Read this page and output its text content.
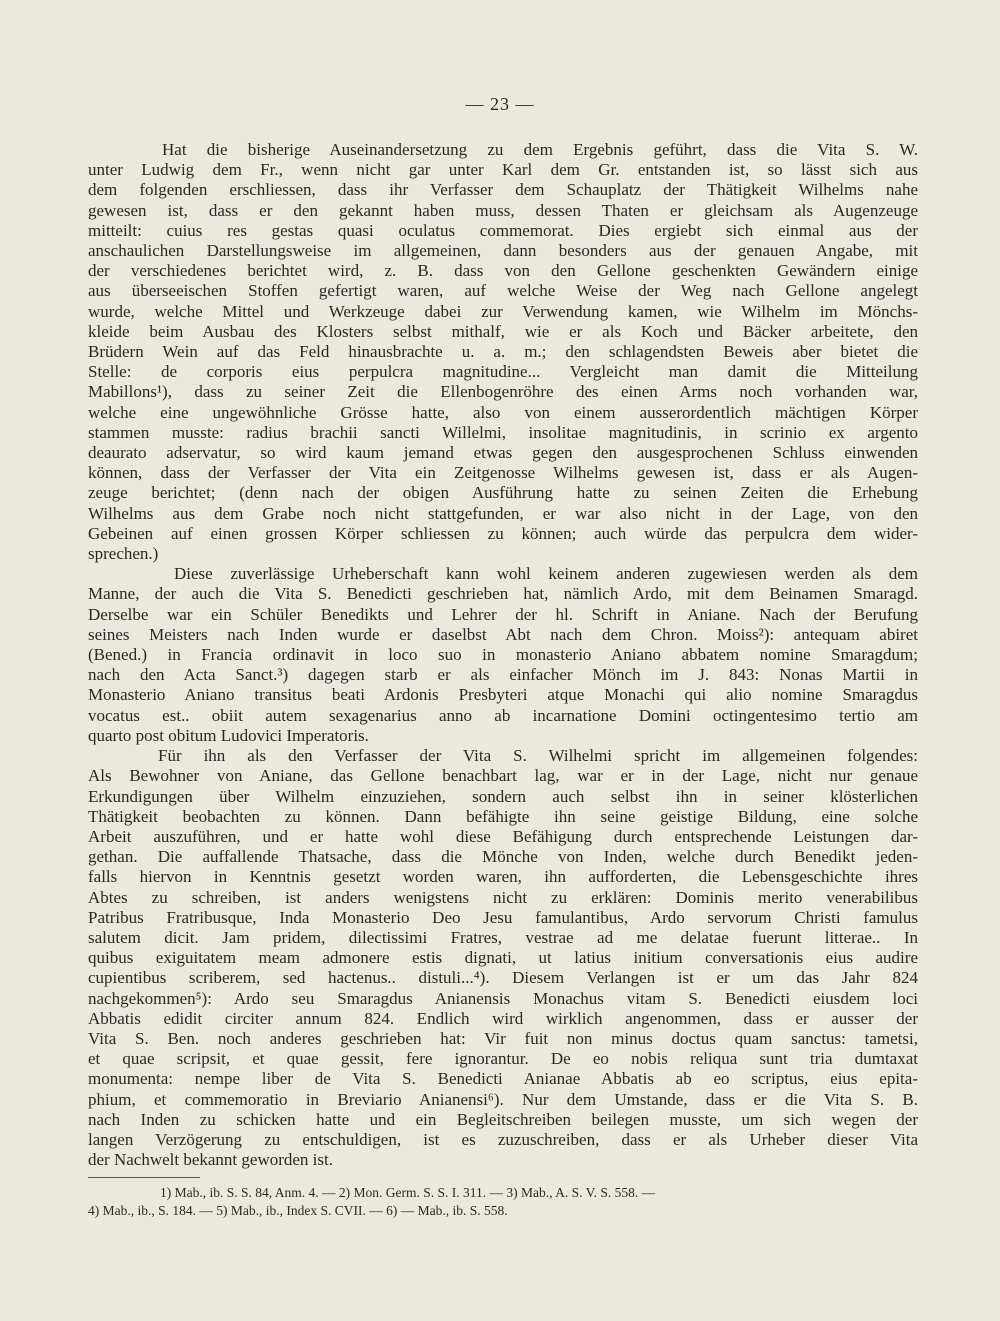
— 23 —
Hat die bisherige Auseinandersetzung zu dem Ergebnis geführt, dass die Vita S. W.
unter Ludwig dem Fr., wenn nicht gar unter Karl dem Gr. entstanden ist, so lässt sich aus
dem folgenden erschliessen, dass ihr Verfasser dem Schauplatz der Thätigkeit Wilhelms nahe
gewesen ist, dass er den gekannt haben muss, dessen Thaten er gleichsam als Augenzeuge
mitteilt: cuius res gestas quasi oculatus commemorat. Dies ergiebt sich einmal aus der
anschaulichen Darstellungsweise im allgemeinen, dann besonders aus der genauen Angabe, mit
der verschiedenes berichtet wird, z. B. dass von den Gellone geschenkten Gewändern einige
aus überseeischen Stoffen gefertigt waren, auf welche Weise der Weg nach Gellone angelegt
wurde, welche Mittel und Werkzeuge dabei zur Verwendung kamen, wie Wilhelm im Mönchs-
kleide beim Ausbau des Klosters selbst mithalf, wie er als Koch und Bäcker arbeitete, den
Brüdern Wein auf das Feld hinausbrachte u. a. m.; den schlagendsten Beweis aber bietet die
Stelle: de corporis eius perpulcra magnitudine... Vergleicht man damit die Mitteilung
Mabillons¹), dass zu seiner Zeit die Ellenbogenröhre des einen Arms noch vorhanden war,
welche eine ungewöhnliche Grösse hatte, also von einem ausserordentlich mächtigen Körper
stammen musste: radius brachii sancti Willelmi, insolitae magnitudinis, in scrinio ex argento
deaurato adservatur, so wird kaum jemand etwas gegen den ausgesprochenen Schluss einwenden
können, dass der Verfasser der Vita ein Zeitgenosse Wilhelms gewesen ist, dass er als Augen-
zeuge berichtet; (denn nach der obigen Ausführung hatte zu seinen Zeiten die Erhebung
Wilhelms aus dem Grabe noch nicht stattgefunden, er war also nicht in der Lage, von den
Gebeinen auf einen grossen Körper schliessen zu können; auch würde das perpulcra dem wider-
sprechen.)
Diese zuverlässige Urheberschaft kann wohl keinem anderen zugewiesen werden als dem
Manne, der auch die Vita S. Benedicti geschrieben hat, nämlich Ardo, mit dem Beinamen Smaragd.
Derselbe war ein Schüler Benedikts und Lehrer der hl. Schrift in Aniane. Nach der Berufung
seines Meisters nach Inden wurde er daselbst Abt nach dem Chron. Moiss²): antequam abiret
(Bened.) in Francia ordinavit in loco suo in monasterio Aniano abbatem nomine Smaragdum;
nach den Acta Sanct.³) dagegen starb er als einfacher Mönch im J. 843: Nonas Martii in
Monasterio Aniano transitus beati Ardonis Presbyteri atque Monachi qui alio nomine Smaragdus
vocatus est.. obiit autem sexagenarius anno ab incarnatione Domini octingentesimo tertio am
quarto post obitum Ludovici Imperatoris.
Für ihn als den Verfasser der Vita S. Wilhelmi spricht im allgemeinen folgendes:
Als Bewohner von Aniane, das Gellone benachbart lag, war er in der Lage, nicht nur genaue
Erkundigungen über Wilhelm einzuziehen, sondern auch selbst ihn in seiner klösterlichen
Thätigkeit beobachten zu können. Dann befähigte ihn seine geistige Bildung, eine solche
Arbeit auszuführen, und er hatte wohl diese Befähigung durch entsprechende Leistungen dar-
gethan. Die auffallende Thatsache, dass die Mönche von Inden, welche durch Benedikt jeden-
falls hiervon in Kenntnis gesetzt worden waren, ihn aufforderten, die Lebensgeschichte ihres
Abtes zu schreiben, ist anders wenigstens nicht zu erklären: Dominis merito venerabilibus
Patribus Fratribusque, Inda Monasterio Deo Jesu famulantibus, Ardo servorum Christi famulus
salutem dicit. Jam pridem, dilectissimi Fratres, vestrae ad me delatae fuerunt litterae.. In
quibus exiguitatem meam admonere estis dignati, ut latius initium conversationis eius audire
cupientibus scriberem, sed hactenus.. distuli...⁴). Diesem Verlangen ist er um das Jahr 824
nachgekommen⁵): Ardo seu Smaragdus Anianensis Monachus vitam S. Benedicti eiusdem loci
Abbatis edidit circiter annum 824. Endlich wird wirklich angenommen, dass er ausser der
Vita S. Ben. noch anderes geschrieben hat: Vir fuit non minus doctus quam sanctus: tametsi,
et quae scripsit, et quae gessit, fere ignorantur. De eo nobis reliqua sunt tria dumtaxat
monumenta: nempe liber de Vita S. Benedicti Anianae Abbatis ab eo scriptus, eius epita-
phium, et commemoratio in Breviario Anianensi⁶). Nur dem Umstande, dass er die Vita S. B.
nach Inden zu schicken hatte und ein Begleitschreiben beilegen musste, um sich wegen der
langen Verzögerung zu entschuldigen, ist es zuzuschreiben, dass er als Urheber dieser Vita
der Nachwelt bekannt geworden ist.
1) Mab., ib. S. S. 84, Anm. 4. — 2) Mon. Germ. S. S. I. 311. — 3) Mab., A. S. V. S. 558. —
4) Mab., ib., S. 184. — 5) Mab., ib., Index S. CVII. — 6) — Mab., ib. S. 558.
